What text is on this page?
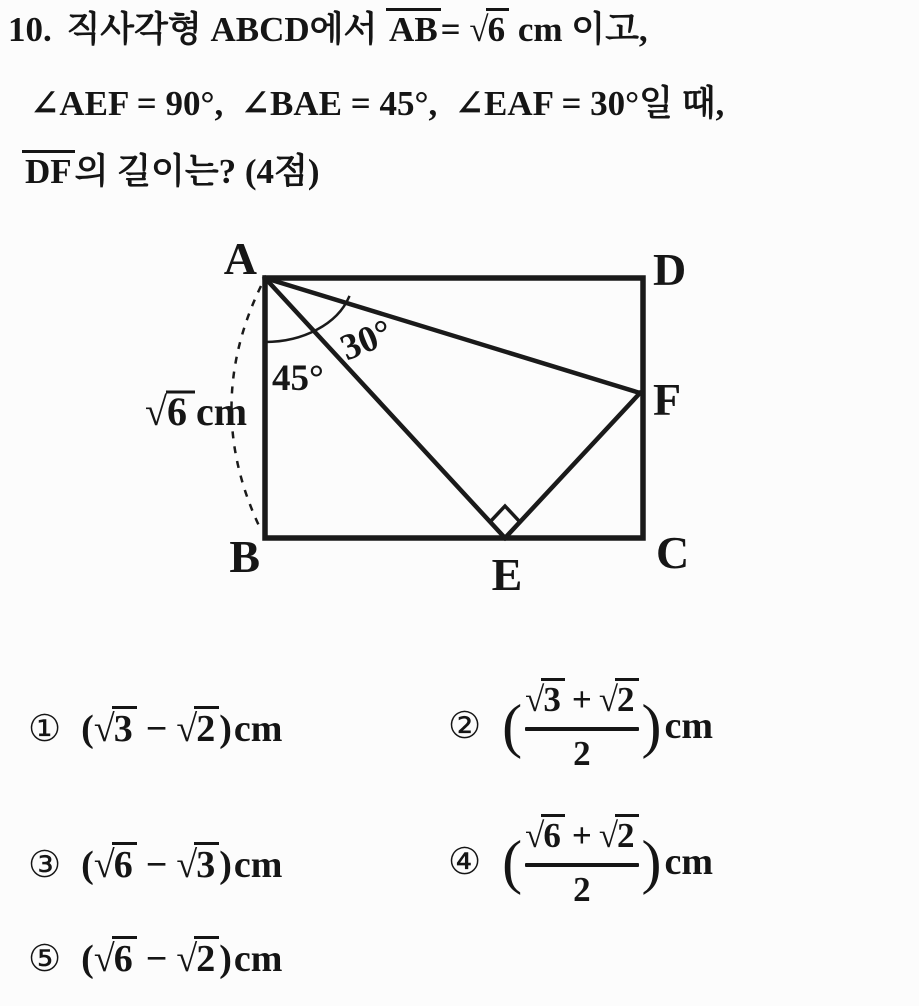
10. 직사각형 ABCD에서 AB= √6 cm 이고,
∠AEF = 90°,  ∠BAE = 45°,  ∠EAF = 30°일 때,
DF의 길이는? (4점)
A	D
B	C
E
F
45°
30°
√6 cm
① ( √3 − √2 ) cm	② ( $\frac{√3 + √2}{2}$ ) cm
③ ( √6 − √3 ) cm	④ ( $\frac{√6 + √2}{2}$ ) cm
⑤ ( √6 − √2 ) cm
